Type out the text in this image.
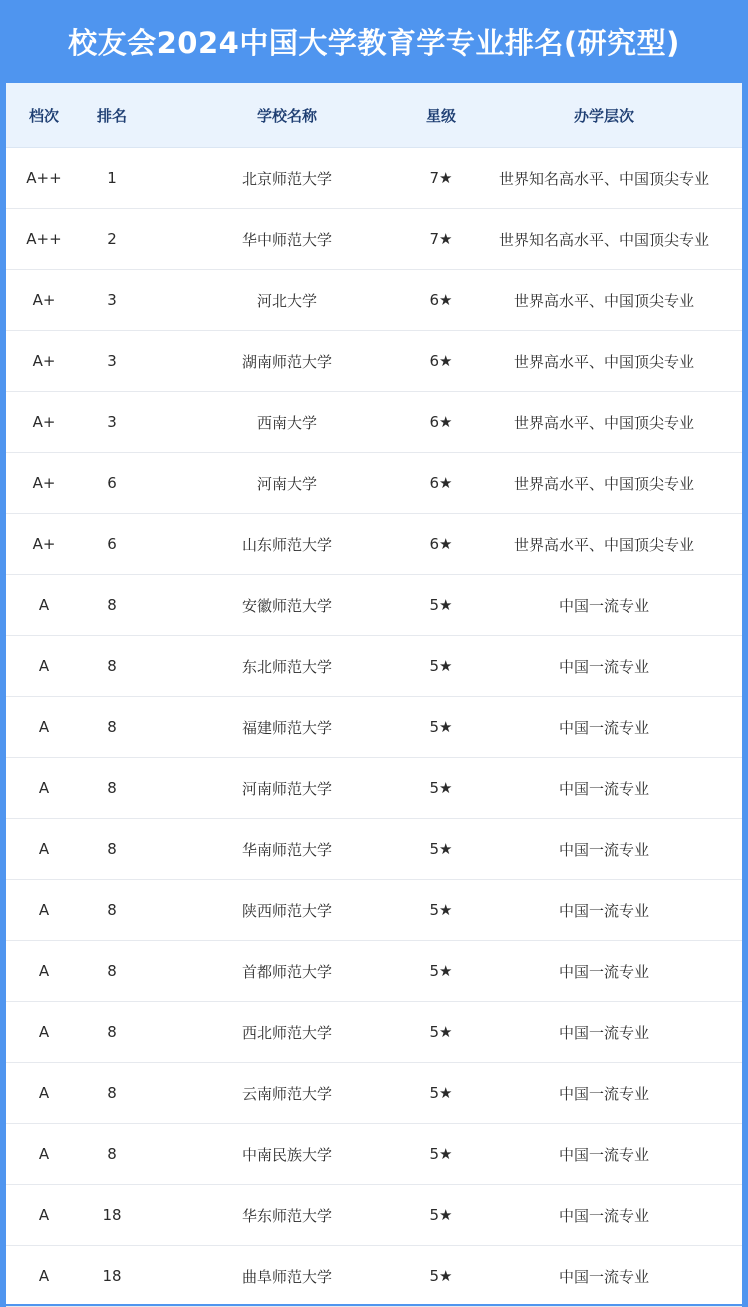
校友会2024中国大学教育学专业排名(研究型)
档次	排名	学校名称	星级	办学层次
A++	1	北京师范大学	7★	世界知名高水平、中国顶尖专业
A++	2	华中师范大学	7★	世界知名高水平、中国顶尖专业
A+	3	河北大学	6★	世界高水平、中国顶尖专业
A+	3	湖南师范大学	6★	世界高水平、中国顶尖专业
A+	3	西南大学	6★	世界高水平、中国顶尖专业
A+	6	河南大学	6★	世界高水平、中国顶尖专业
A+	6	山东师范大学	6★	世界高水平、中国顶尖专业
A	8	安徽师范大学	5★	中国一流专业
A	8	东北师范大学	5★	中国一流专业
A	8	福建师范大学	5★	中国一流专业
A	8	河南师范大学	5★	中国一流专业
A	8	华南师范大学	5★	中国一流专业
A	8	陕西师范大学	5★	中国一流专业
A	8	首都师范大学	5★	中国一流专业
A	8	西北师范大学	5★	中国一流专业
A	8	云南师范大学	5★	中国一流专业
A	8	中南民族大学	5★	中国一流专业
A	18	华东师范大学	5★	中国一流专业
A	18	曲阜师范大学	5★	中国一流专业
